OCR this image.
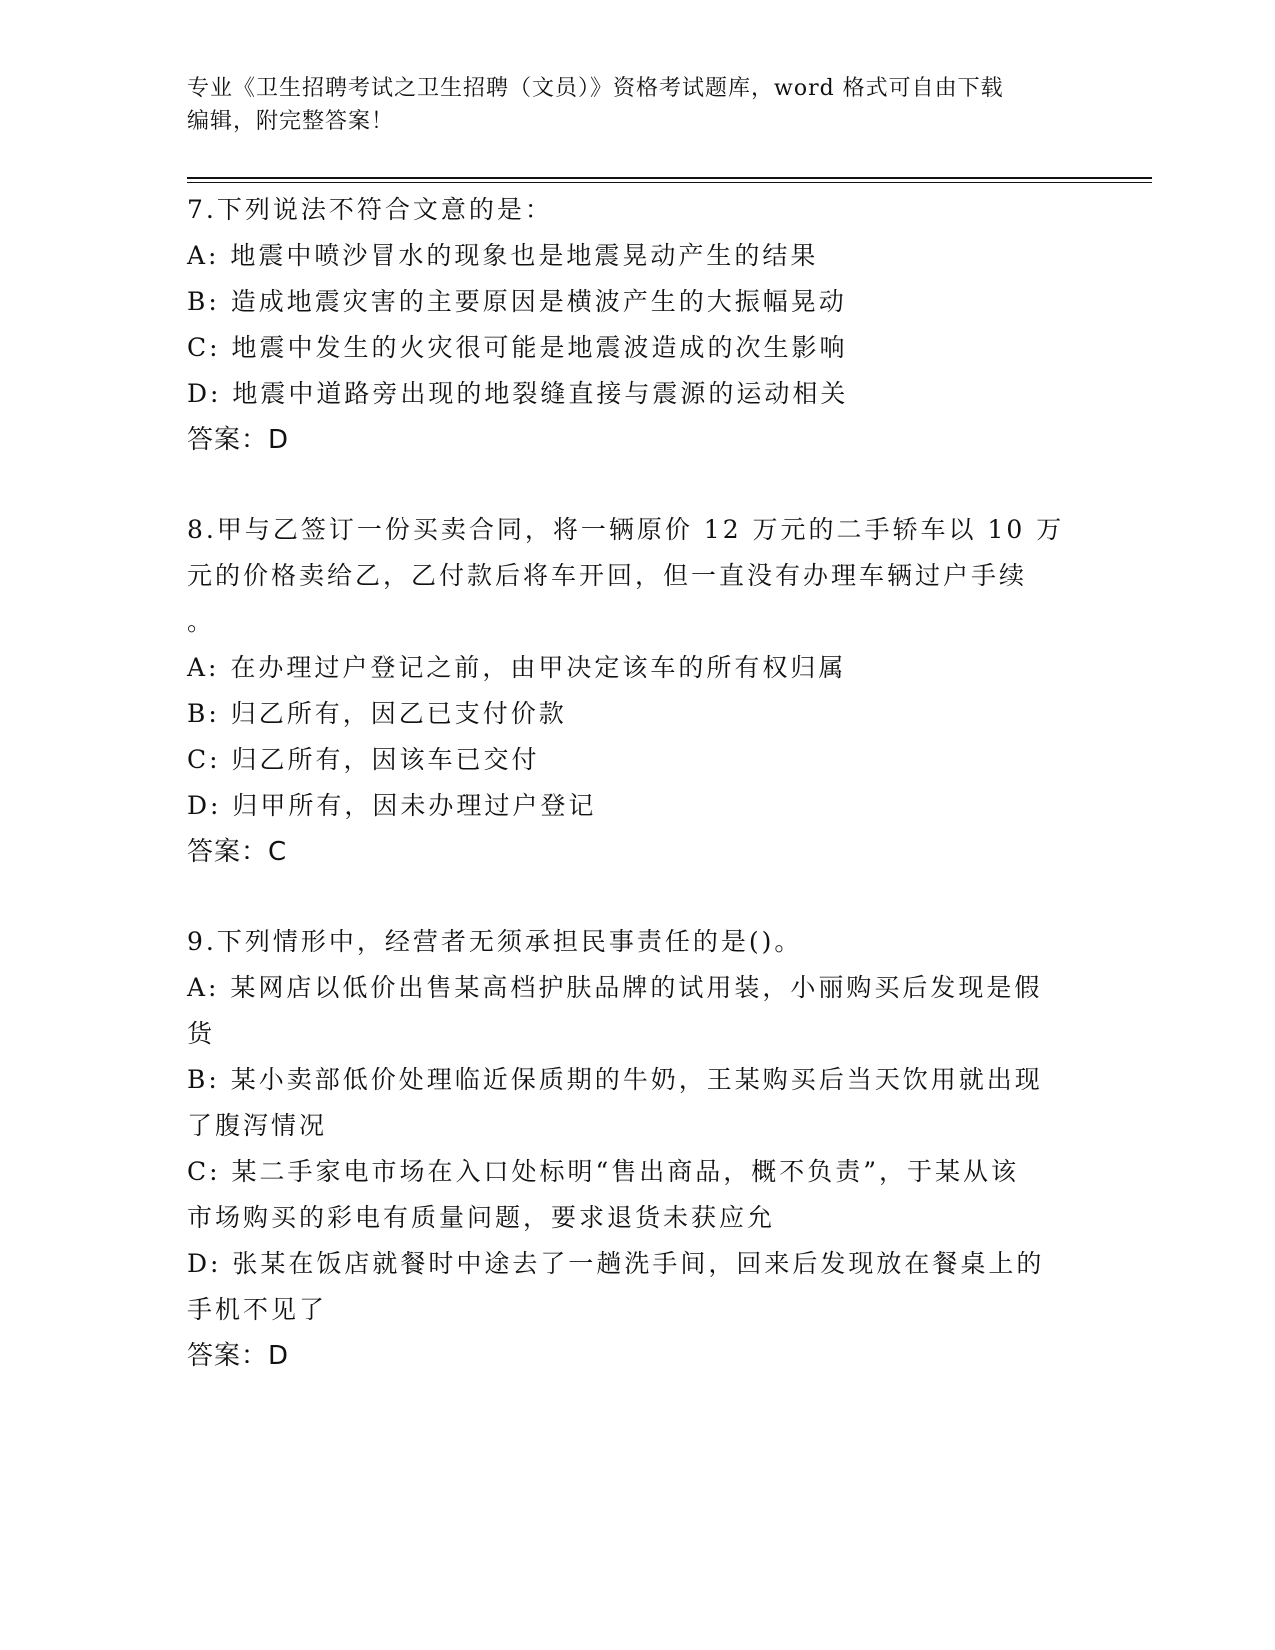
专业《卫生招聘考试之卫生招聘（文员）》资格考试题库，word 格式可自由下载
编辑，附完整答案！
7.下列说法不符合文意的是：
A: 地震中喷沙冒水的现象也是地震晃动产生的结果
B: 造成地震灾害的主要原因是横波产生的大振幅晃动
C: 地震中发生的火灾很可能是地震波造成的次生影响
D: 地震中道路旁出现的地裂缝直接与震源的运动相关
答案：D
8.甲与乙签订一份买卖合同，将一辆原价 12 万元的二手轿车以 10 万
元的价格卖给乙，乙付款后将车开回，但一直没有办理车辆过户手续
。
A: 在办理过户登记之前，由甲决定该车的所有权归属
B: 归乙所有，因乙已支付价款
C: 归乙所有，因该车已交付
D: 归甲所有，因未办理过户登记
答案：C
9.下列情形中，经营者无须承担民事责任的是()。
A: 某网店以低价出售某高档护肤品牌的试用装，小丽购买后发现是假
货
B: 某小卖部低价处理临近保质期的牛奶，王某购买后当天饮用就出现
了腹泻情况
C: 某二手家电市场在入口处标明“售出商品，概不负责”，于某从该
市场购买的彩电有质量问题，要求退货未获应允
D: 张某在饭店就餐时中途去了一趟洗手间，回来后发现放在餐桌上的
手机不见了
答案：D
